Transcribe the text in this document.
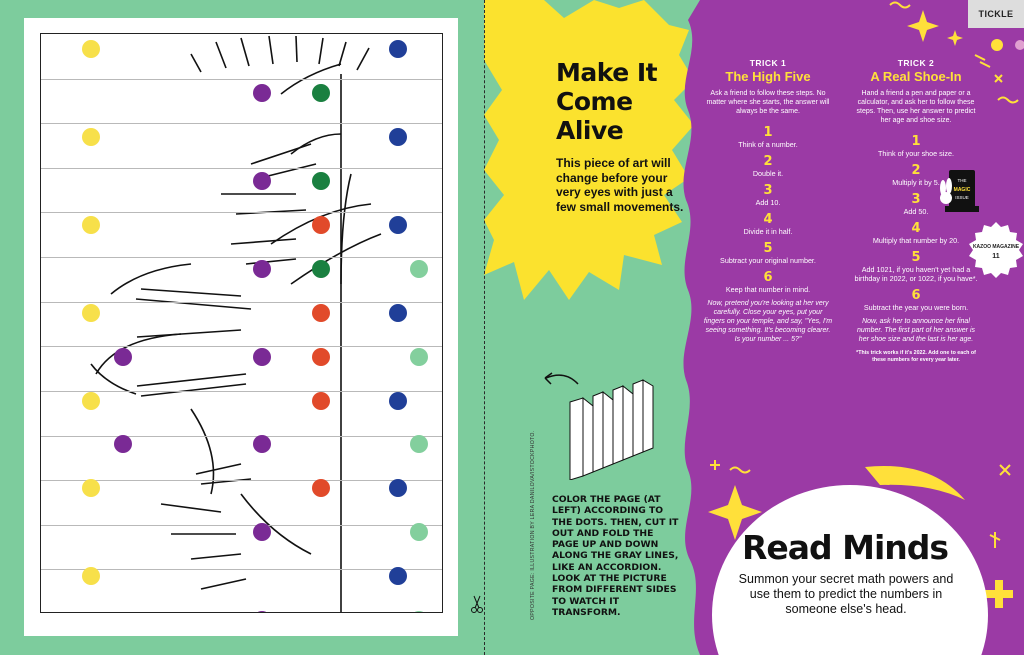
Make It Come Alive
This piece of art will change before your very eyes with just a few small movements.
OPPOSITE PAGE: ILLUSTRATION BY LERA DANILOVA/ISTOCKPHOTO. COLOR THE PAGE (AT LEFT) ACCORDING TO THE DOTS. THEN, CUT IT OUT AND FOLD THE PAGE UP AND DOWN ALONG THE GRAY LINES, LIKE AN ACCORDION. LOOK AT THE PICTURE FROM DIFFERENT SIDES TO WATCH IT TRANSFORM.
TICKLE
TRICK 1
The High Five
Ask a friend to follow these steps. No matter where she starts, the answer will always be the same.
1
Think of a number.
2
Double it.
3
Add 10.
4
Divide it in half.
5
Subtract your original number.
6
Keep that number in mind.
Now, pretend you're looking at her very carefully. Close your eyes, put your fingers on your temple, and say, "Yes, I'm seeing something. It's becoming clearer. Is your number ... 5?"
TRICK 2
A Real Shoe-In
Hand a friend a pen and paper or a calculator, and ask her to follow these steps. Then, use her answer to predict her age and shoe size.
1
Think of your shoe size.
2
Multiply it by 5.
3
Add 50.
4
Multiply that number by 20.
5
Add 1021, if you haven't yet had a birthday in 2022, or 1022, if you have*.
6
Subtract the year you were born.
Now, ask her to announce her final number. The first part of her answer is her shoe size and the last is her age.
*This trick works if it's 2022. Add one to each of these numbers for every year later.
THE
MAGIC
ISSUE
KAZOO MAGAZINE
11
Read Minds
Summon your secret math powers and use them to predict the numbers in someone else's head.
